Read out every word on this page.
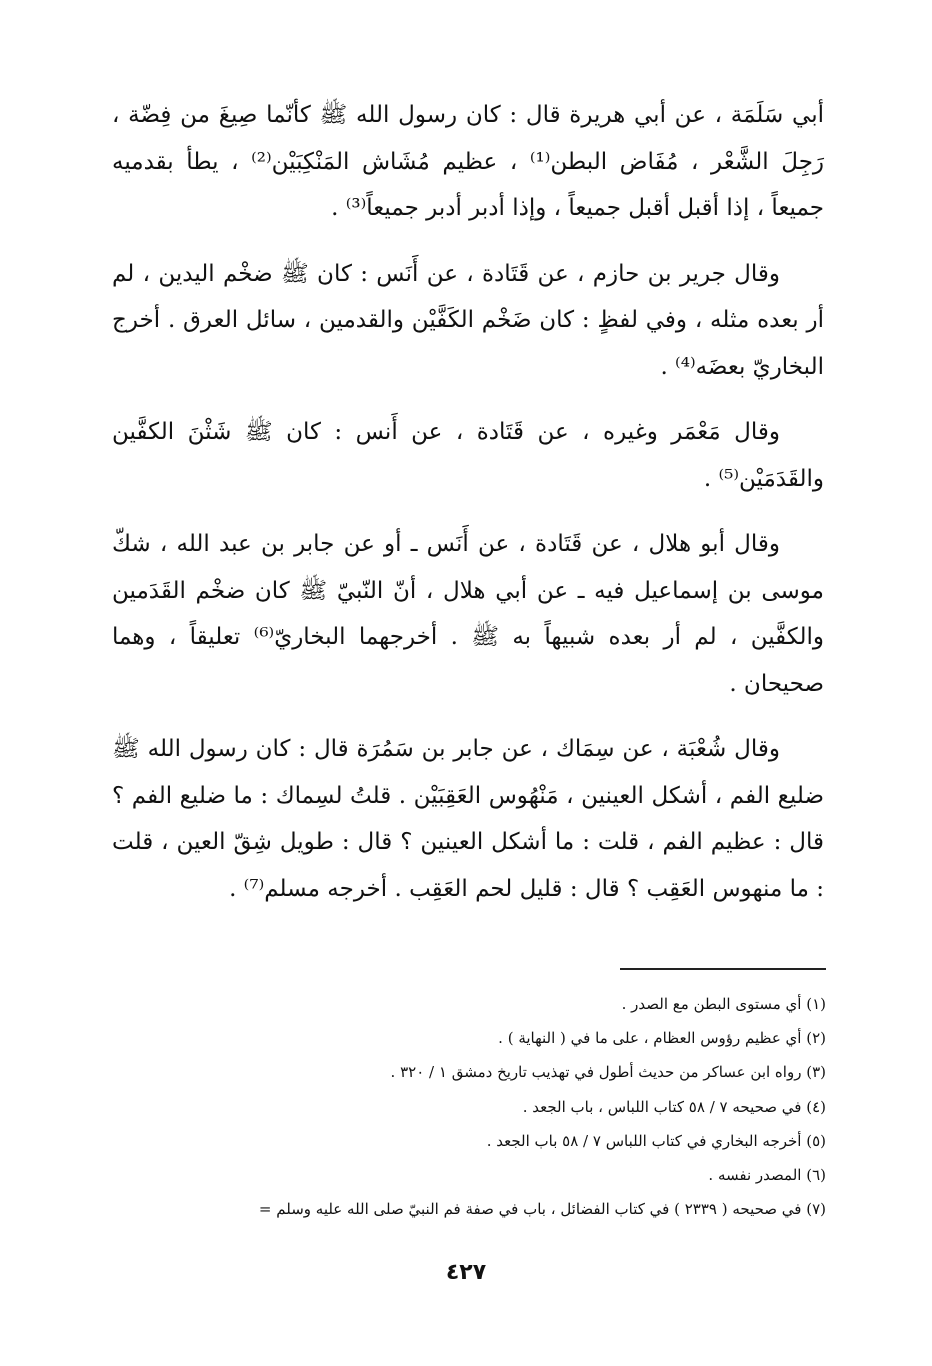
أبي سَلَمَة ، عن أبي هريرة قال : كان رسول الله ﷺ كأنّما صِيغَ من فِضّة ، رَجِلَ الشَّعْر ، مُفَاض البطن⁽¹⁾ ، عظيم مُشَاش المَنْكِبَيْن⁽²⁾ ، يطأ بقدميه جميعاً ، إذا أقبل أقبل جميعاً ، وإذا أدبر أدبر جميعاً⁽³⁾ .

وقال جرير بن حازم ، عن قَتَادة ، عن أَنَس : كان ﷺ ضخْم اليدين ، لم أر بعده مثله ، وفي لفظٍ : كان ضَخْم الكَفَّيْن والقدمين ، سائل العرق . أخرج البخاريّ بعضَه⁽⁴⁾ .

وقال مَعْمَر وغيره ، عن قَتَادة ، عن أَنس : كان ﷺ شَثْنَ الكفَّين والقَدَمَيْن⁽⁵⁾ .

وقال أبو هلال ، عن قَتَادة ، عن أَنَس ـ أو عن جابر بن عبد الله ، شكّ موسى بن إسماعيل فيه ـ عن أبي هلال ، أنّ النّبيّ ﷺ كان ضخْم القَدَمين والكفَّين ، لم أر بعده شبيهاً به ﷺ . أخرجهما البخاريّ⁽⁶⁾ تعليقاً ، وهما صحيحان .

وقال شُعْبَة ، عن سِمَاك ، عن جابر بن سَمُرَة قال : كان رسول الله ﷺ ضليع الفم ، أشكل العينين ، مَنْهُوس العَقِبَيْن . قلتُ لسِماك : ما ضليع الفم ؟ قال : عظيم الفم ، قلت : ما أشكل العينين ؟ قال : طويل شِقّ العين ، قلت : ما منهوس العَقِب ؟ قال : قليل لحم العَقِب . أخرجه مسلم⁽⁷⁾ .

(١) أي مستوى البطن مع الصدر .

(٢) أي عظيم رؤوس العظام ، على ما في ( النهاية ) .

(٣) رواه ابن عساكر من حديث أطول في تهذيب تاريخ دمشق ١ / ٣٢٠ .

(٤) في صحيحه ٧ / ٥٨ كتاب اللباس ، باب الجعد .

(٥) أخرجه البخاري في كتاب اللباس ٧ / ٥٨ باب الجعد .

(٦) المصدر نفسه .

(٧) في صحيحه ( ٢٣٣٩ ) في كتاب الفضائل ، باب في صفة فم النبيّ صلى الله عليه وسلم =

٤٢٧
